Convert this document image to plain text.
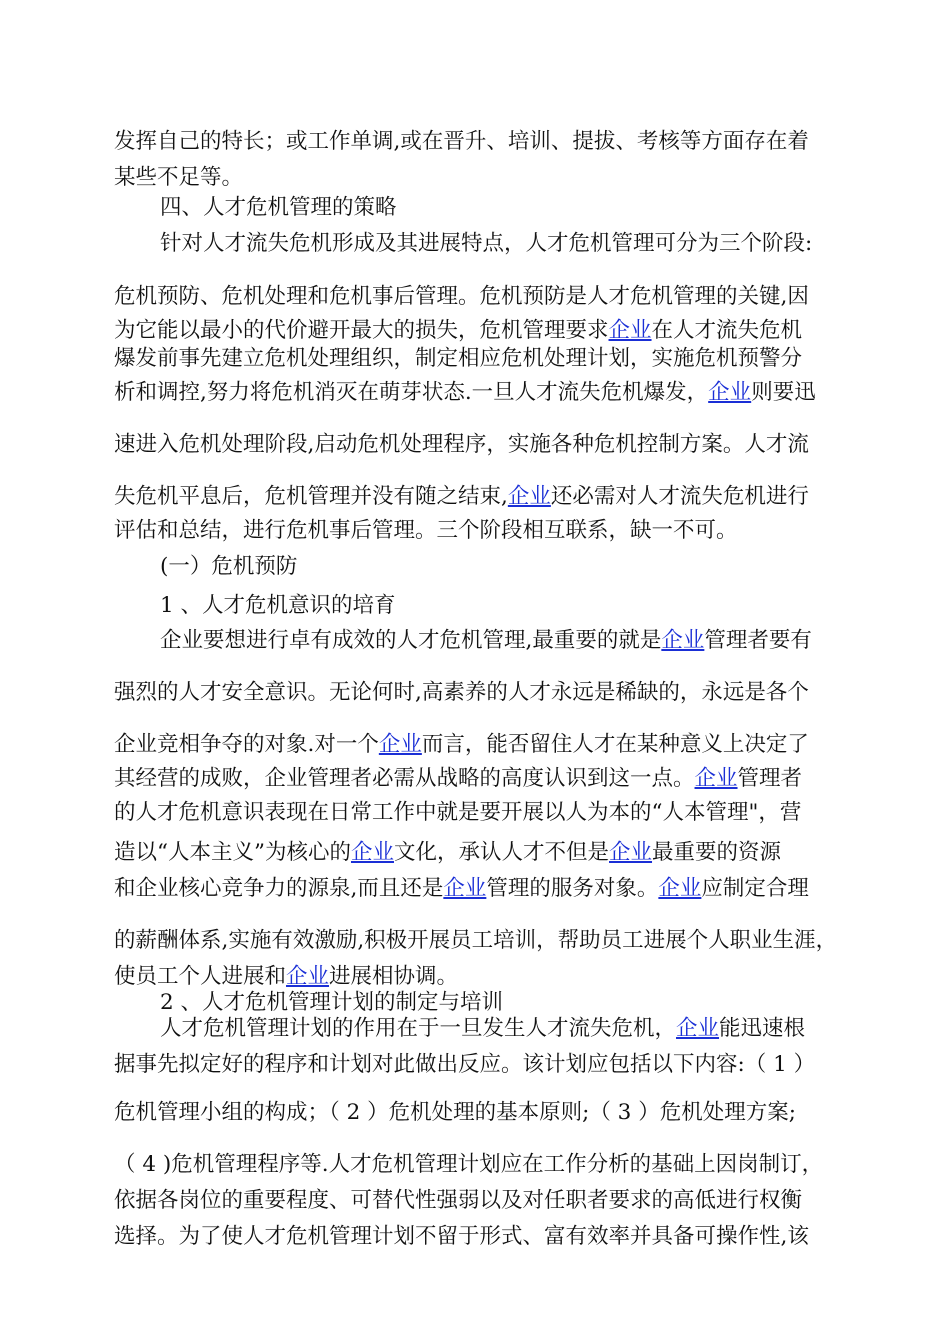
发挥自己的特长；或工作单调,或在晋升、培训、提拔、考核等方面存在着
某些不足等。
四、人才危机管理的策略
针对人才流失危机形成及其进展特点，人才危机管理可分为三个阶段:
危机预防、危机处理和危机事后管理。危机预防是人才危机管理的关键,因
为它能以最小的代价避开最大的损失，危机管理要求企业在人才流失危机
爆发前事先建立危机处理组织，制定相应危机处理计划，实施危机预警分
析和调控,努力将危机消灭在萌芽状态.一旦人才流失危机爆发，企业则要迅
速进入危机处理阶段,启动危机处理程序，实施各种危机控制方案。人才流
失危机平息后，危机管理并没有随之结束,企业还必需对人才流失危机进行
评估和总结，进行危机事后管理。三个阶段相互联系，缺一不可。
(一）危机预防
1 、人才危机意识的培育
企业要想进行卓有成效的人才危机管理,最重要的就是企业管理者要有
强烈的人才安全意识。无论何时,高素养的人才永远是稀缺的，永远是各个
企业竞相争夺的对象.对一个企业而言，能否留住人才在某种意义上决定了
其经营的成败，企业管理者必需从战略的高度认识到这一点。企业管理者
的人才危机意识表现在日常工作中就是要开展以人为本的“人本管理"，营
造以“人本主义”为核心的企业文化，承认人才不但是企业最重要的资源
和企业核心竞争力的源泉,而且还是企业管理的服务对象。企业应制定合理
的薪酬体系,实施有效激励,积极开展员工培训，帮助员工进展个人职业生涯，
使员工个人进展和企业进展相协调。
2 、人才危机管理计划的制定与培训
人才危机管理计划的作用在于一旦发生人才流失危机，企业能迅速根
据事先拟定好的程序和计划对此做出反应。该计划应包括以下内容:（ 1 ）
危机管理小组的构成；（ 2 ）危机处理的基本原则;（ 3 ）危机处理方案;
（ 4 )危机管理程序等.人才危机管理计划应在工作分析的基础上因岗制订，
依据各岗位的重要程度、可替代性强弱以及对任职者要求的高低进行权衡
选择。为了使人才危机管理计划不留于形式、富有效率并具备可操作性,该
